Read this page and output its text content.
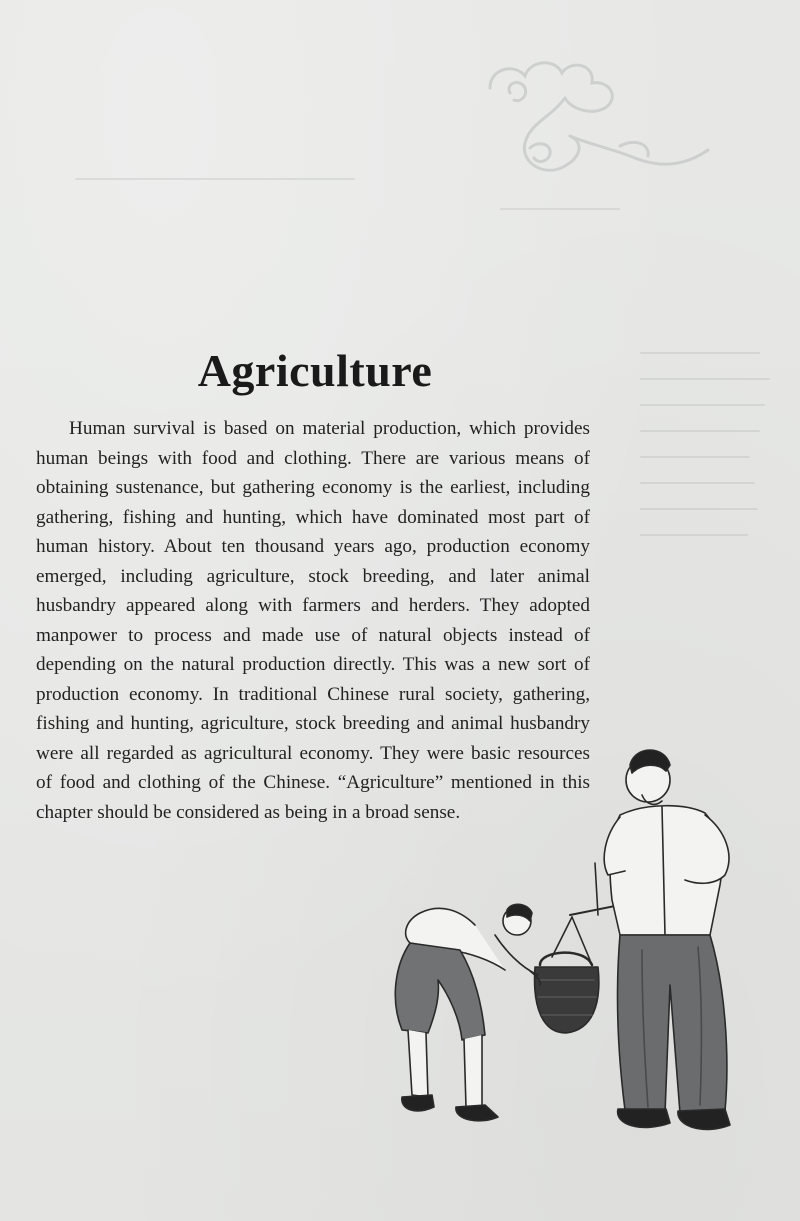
Agriculture

Human survival is based on material production, which provides human beings with food and clothing. There are various means of obtaining sustenance, but gathering economy is the earliest, including gathering, fishing and hunting, which have dominated most part of human history. About ten thousand years ago, production economy emerged, including agriculture, stock breeding, and later animal husbandry appeared along with farmers and herders. They adopted manpower to process and made use of natural objects instead of depending on the natural production directly. This was a new sort of production economy. In traditional Chinese rural society, gathering, fishing and hunting, agriculture, stock breeding and animal husbandry were all regarded as agricultural economy. They were basic resources of food and clothing of the Chinese. “Agriculture” mentioned in this chapter should be considered as being in a broad sense.
